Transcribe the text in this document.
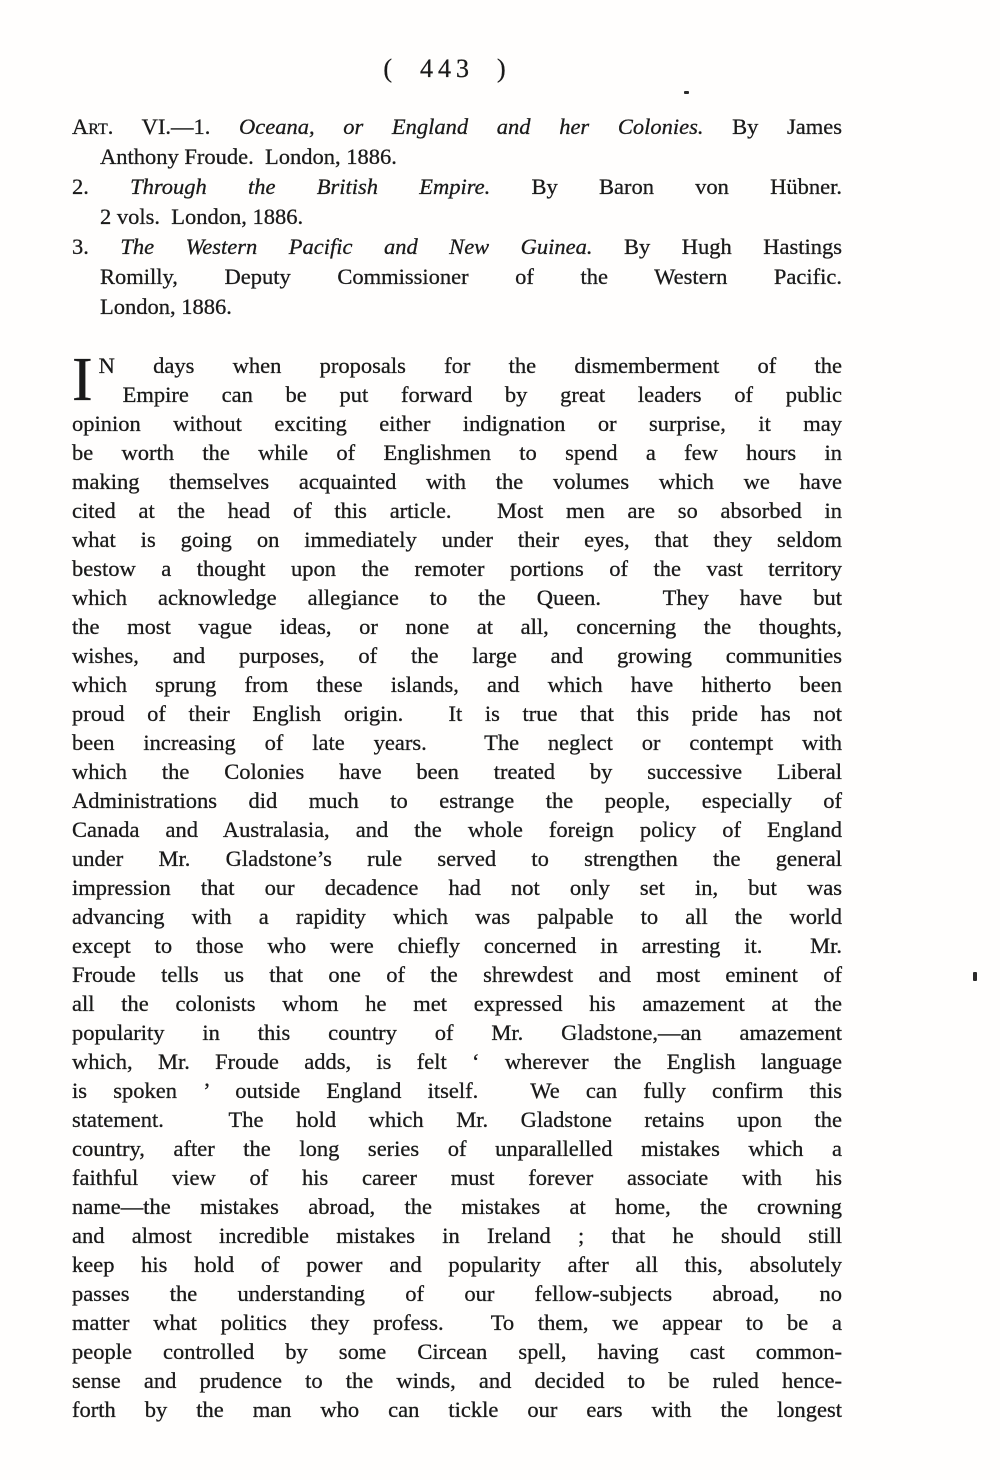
(  443  )
Art. VI.—1. Oceana, or England and her Colonies. By James
Anthony Froude.  London, 1886.
2. Through the British Empire. By Baron von Hübner.
2 vols.  London, 1886.
3. The Western Pacific and New Guinea. By Hugh Hastings
Romilly, Deputy Commissioner of the Western Pacific.
London, 1886.
I N days when proposals for the dismemberment of the
Empire can be put forward by great leaders of public
opinion without exciting either indignation or surprise, it may
be worth the while of Englishmen to spend a few hours in
making themselves acquainted with the volumes which we have
cited at the head of this article.  Most men are so absorbed in
what is going on immediately under their eyes, that they seldom
bestow a thought upon the remoter portions of the vast territory
which acknowledge allegiance to the Queen.  They have but
the most vague ideas, or none at all, concerning the thoughts,
wishes, and purposes, of the large and growing communities
which sprung from these islands, and which have hitherto been
proud of their English origin.  It is true that this pride has not
been increasing of late years.  The neglect or contempt with
which the Colonies have been treated by successive Liberal
Administrations did much to estrange the people, especially of
Canada and Australasia, and the whole foreign policy of England
under Mr. Gladstone’s rule served to strengthen the general
impression that our decadence had not only set in, but was
advancing with a rapidity which was palpable to all the world
except to those who were chiefly concerned in arresting it.  Mr.
Froude tells us that one of the shrewdest and most eminent of
all the colonists whom he met expressed his amazement at the
popularity in this country of Mr. Gladstone,—an amazement
which, Mr. Froude adds, is felt ‘ wherever the English language
is spoken ’ outside England itself.  We can fully confirm this
statement.  The hold which Mr. Gladstone retains upon the
country, after the long series of unparallelled mistakes which a
faithful view of his career must forever associate with his
name—the mistakes abroad, the mistakes at home, the crowning
and almost incredible mistakes in Ireland ; that he should still
keep his hold of power and popularity after all this, absolutely
passes the understanding of our fellow-subjects abroad, no
matter what politics they profess.  To them, we appear to be a
people controlled by some Circean spell, having cast common-
sense and prudence to the winds, and decided to be ruled hence-
forth by the man who can tickle our ears with the longest
